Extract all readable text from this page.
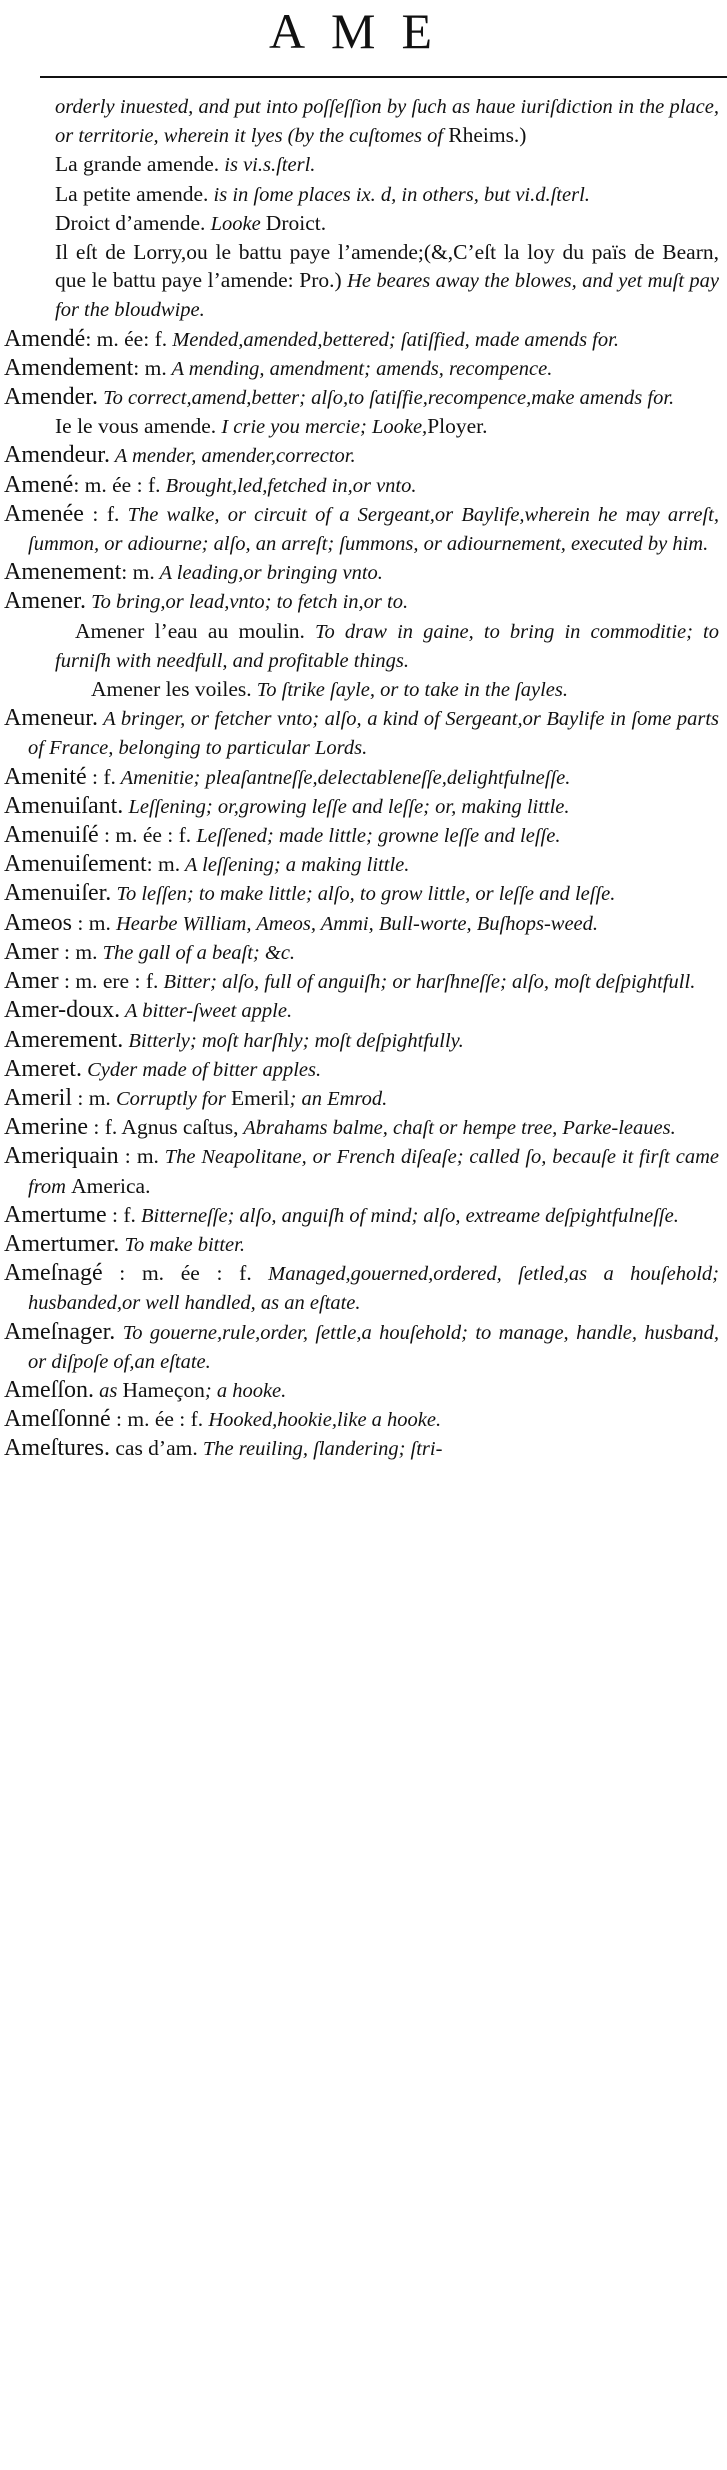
AME

orderly inuested, and put into poſſeſſion by ſuch as haue iuriſdiction in the place, or territorie, wherein it lyes (by the cuſtomes of Rheims.)

La grande amende. is vi.s.ſterl.

La petite amende. is in ſome places ix. d, in others, but vi.d.ſterl.

Droict d’amende. Looke Droict.

Il eſt de Lorry,ou le battu paye l’amende;(&,C’eſt la loy du païs de Bearn, que le battu paye l’amende: Pro.) He beares away the blowes, and yet muſt pay for the bloudwipe.

Amendé: m. ée: f. Mended,amended,bettered; ſatiſfied, made amends for.

Amendement: m. A mending, amendment; amends, recompence.

Amender. To correct,amend,better; alſo,to ſatiſfie,recompence,make amends for.

Ie le vous amende. I crie you mercie; Looke,Ployer.

Amendeur. A mender, amender,corrector.

Amené: m. ée : f. Brought,led,fetched in,or vnto.

Amenée : f. The walke, or circuit of a Sergeant,or Baylife,wherein he may arreſt, ſummon, or adiourne; alſo, an arreſt; ſummons, or adiournement, executed by him.

Amenement: m. A leading,or bringing vnto.

Amener. To bring,or lead,vnto; to fetch in,or to.

Amener l’eau au moulin. To draw in gaine, to bring in commoditie; to furniſh with needfull, and profitable things.

Amener les voiles. To ſtrike ſayle, or to take in the ſayles.

Ameneur. A bringer, or fetcher vnto; alſo, a kind of Sergeant,or Baylife in ſome parts of France, belonging to particular Lords.

Amenité : f. Amenitie; pleaſantneſſe,delectableneſſe,delightfulneſſe.

Amenuiſant. Leſſening; or,growing leſſe and leſſe; or, making little.

Amenuiſé : m. ée : f. Leſſened; made little; growne leſſe and leſſe.

Amenuiſement: m. A leſſening; a making little.

Amenuiſer. To leſſen; to make little; alſo, to grow little, or leſſe and leſſe.

Ameos : m. Hearbe William, Ameos, Ammi, Bull-worte, Buſhops-weed.

Amer : m. The gall of a beaſt; &c.

Amer : m. ere : f. Bitter; alſo, full of anguiſh; or harſhneſſe; alſo, moſt deſpightfull.

Amer-doux. A bitter-ſweet apple.

Amerement. Bitterly; moſt harſhly; moſt deſpightfully.

Ameret. Cyder made of bitter apples.

Ameril : m. Corruptly for Emeril; an Emrod.

Amerine : f. Agnus caſtus, Abrahams balme, chaſt or hempe tree, Parke-leaues.

Ameriquain : m. The Neapolitane, or French diſeaſe; called ſo, becauſe it firſt came from America.

Amertume : f. Bitterneſſe; alſo, anguiſh of mind; alſo, extreame deſpightfulneſſe.

Amertumer. To make bitter.

Ameſnagé : m. ée : f. Managed,gouerned,ordered, ſetled,as a houſehold; husbanded,or well handled, as an eſtate.

Ameſnager. To gouerne,rule,order, ſettle,a houſehold; to manage, handle, husband, or diſpoſe of,an eſtate.

Ameſſon. as Hameçon; a hooke.

Ameſſonné : m. ée : f. Hooked,hookie,like a hooke.

Ameſtures. cas d’am. The reuiling, ſlandering; ſtri-
